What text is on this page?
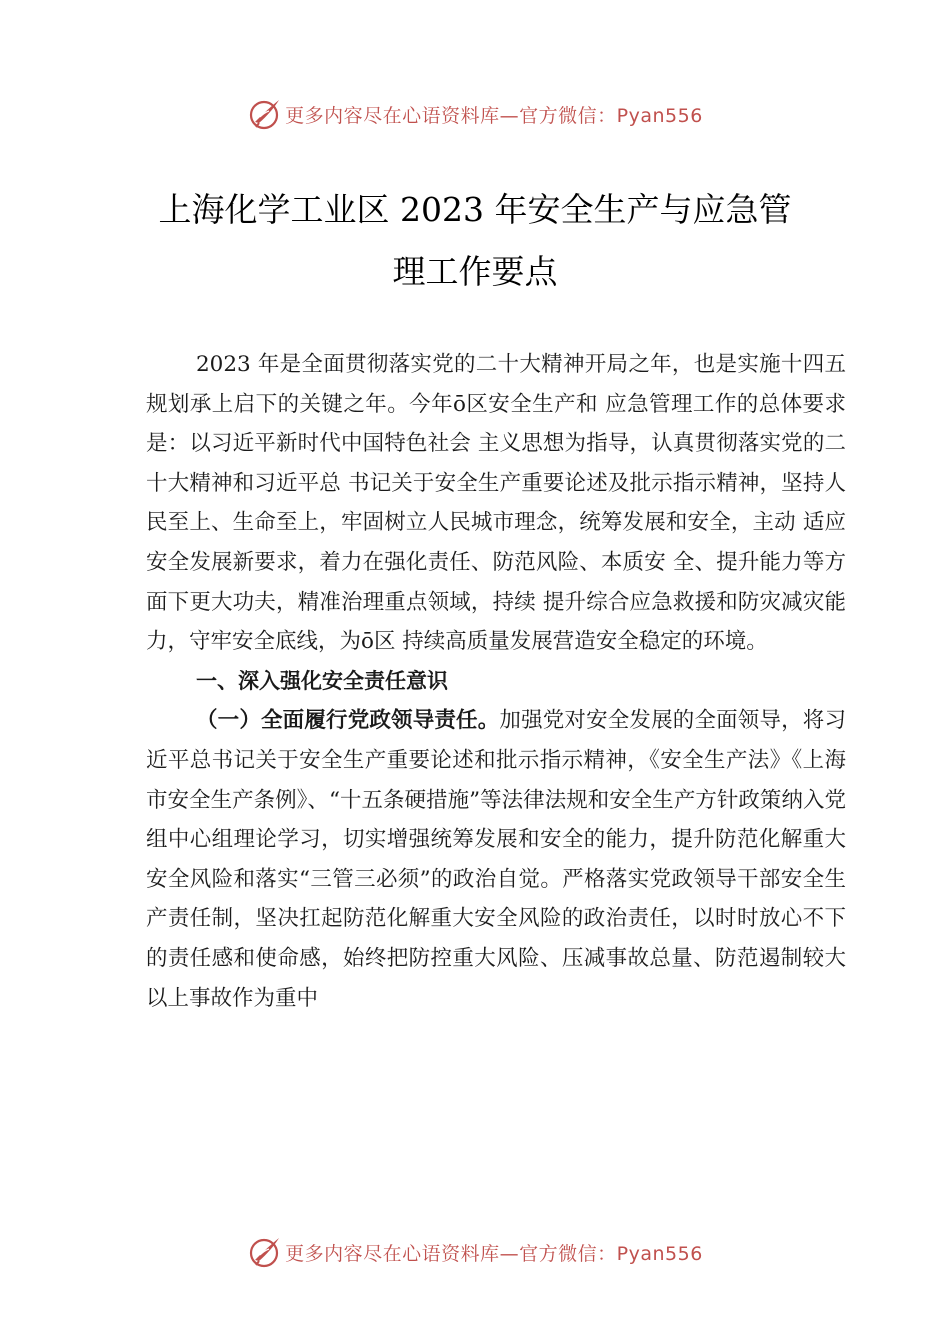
更多内容尽在心语资料库—官方微信：Pyan556
上海化学工业区 2023 年安全生产与应急管
理工作要点

2023 年是全面贯彻落实党的二十大精神开局之年，也是实施十四五规划承上启下的关键之年。今年ō区安全生产和 应急管理工作的总体要求是：以习近平新时代中国特色社会 主义思想为指导，认真贯彻落实党的二十大精神和习近平总 书记关于安全生产重要论述及批示指示精神，坚持人民至上、生命至上，牢固树立人民城市理念，统筹发展和安全，主动 适应安全发展新要求，着力在强化责任、防范风险、本质安 全、提升能力等方面下更大功夫，精准治理重点领域，持续 提升综合应急救援和防灾减灾能力，守牢安全底线，为ō区 持续高质量发展营造安全稳定的环境。

一、深入强化安全责任意识

（一）全面履行党政领导责任。加强党对安全发展的全面领导，将习近平总书记关于安全生产重要论述和批示指示精神，《安全生产法》《上海市安全生产条例》、“十五条硬措施”等法律法规和安全生产方针政策纳入党组中心组理论学习，切实增强统筹发展和安全的能力，提升防范化解重大安全风险和落实“三管三必须”的政治自觉。严格落实党政领导干部安全生产责任制，坚决扛起防范化解重大安全风险的政治责任，以时时放心不下的责任感和使命感，始终把防控重大风险、压减事故总量、防范遏制较大以上事故作为重中

更多内容尽在心语资料库—官方微信：Pyan556
